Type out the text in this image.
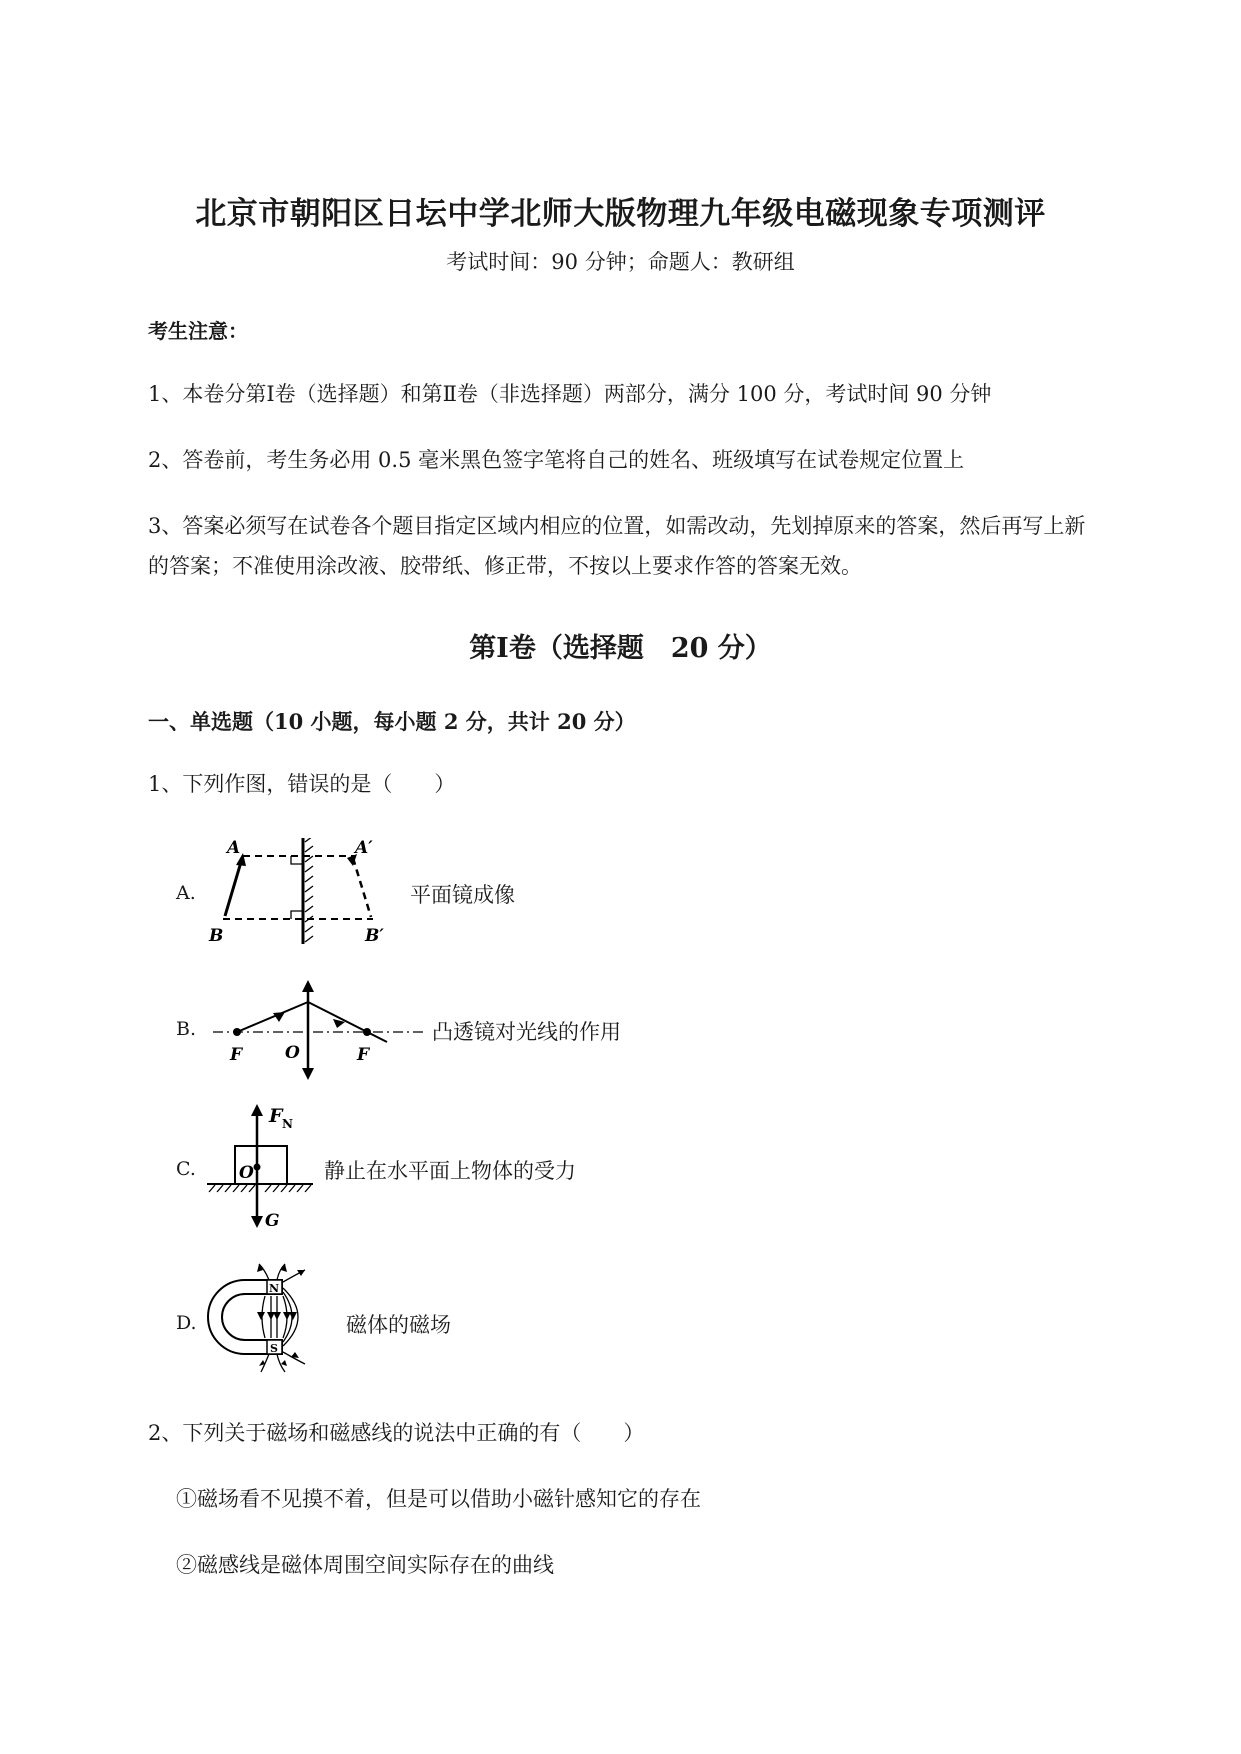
北京市朝阳区日坛中学北师大版物理九年级电磁现象专项测评
考试时间：90 分钟；命题人：教研组
考生注意：
1、本卷分第Ⅰ卷（选择题）和第Ⅱ卷（非选择题）两部分，满分 100 分，考试时间 90 分钟
2、答卷前，考生务必用 0.5 毫米黑色签字笔将自己的姓名、班级填写在试卷规定位置上
3、答案必须写在试卷各个题目指定区域内相应的位置，如需改动，先划掉原来的答案，然后再写上新
的答案；不准使用涂改液、胶带纸、修正带，不按以上要求作答的答案无效。
第Ⅰ卷（选择题　20 分）
一、单选题（10 小题，每小题 2 分，共计 20 分）
1、下列作图，错误的是（　　）
A.
A	A′
B	B′
平面镜成像
B.
F	O	F
凸透镜对光线的作用
C.
F N
O
G
静止在水平面上物体的受力
D.
N
S
磁体的磁场
2、下列关于磁场和磁感线的说法中正确的有（　　）
①磁场看不见摸不着，但是可以借助小磁针感知它的存在
②磁感线是磁体周围空间实际存在的曲线
